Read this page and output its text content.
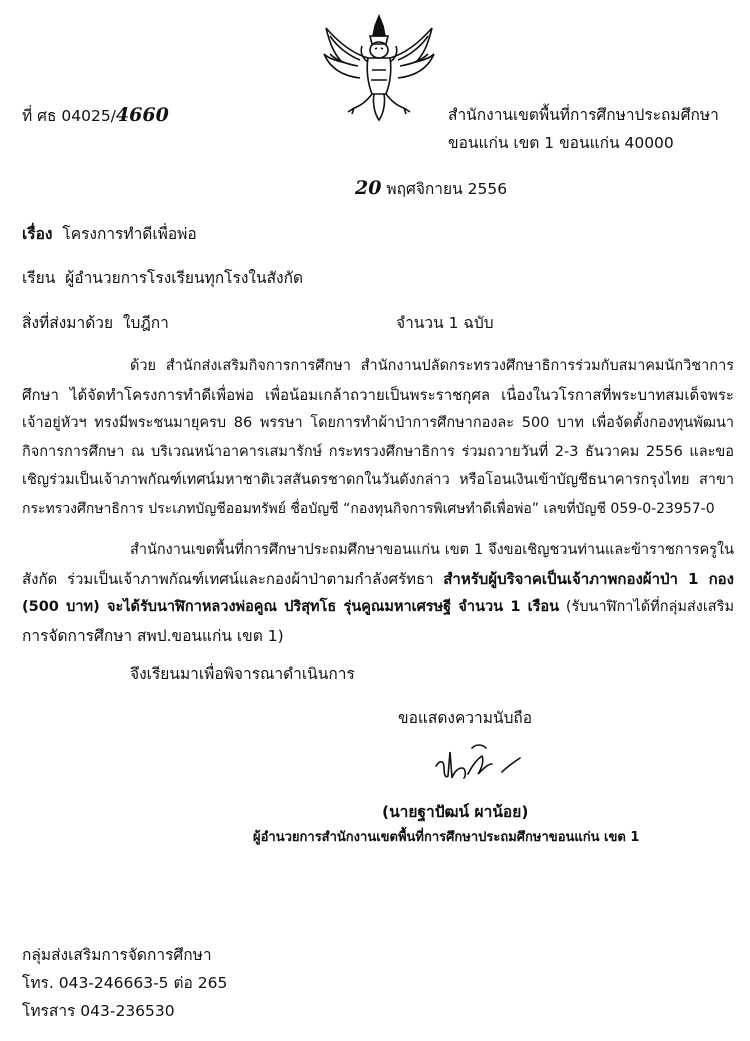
ที่ ศธ 04025/4660	สำนักงานเขตพื้นที่การศึกษาประถมศึกษา
ขอนแก่น เขต 1 ขอนแก่น 40000
20 พฤศจิกายน 2556
เรื่อง โครงการทำดีเพื่อพ่อ
เรียน ผู้อำนวยการโรงเรียนทุกโรงในสังกัด
สิ่งที่ส่งมาด้วย ใบฎีกา	จำนวน 1 ฉบับ
ด้วย สำนักส่งเสริมกิจการการศึกษา สำนักงานปลัดกระทรวงศึกษาธิการร่วมกับสมาคมนักวิชาการ
ศึกษา ได้จัดทำโครงการทำดีเพื่อพ่อ เพื่อน้อมเกล้าถวายเป็นพระราชกุศล เนื่องในวโรกาสที่พระบาทสมเด็จพระ
เจ้าอยู่หัวฯ ทรงมีพระชนมายุครบ 86 พรรษา โดยการทำผ้าป่าการศึกษากองละ 500 บาท เพื่อจัดตั้งกองทุนพัฒนา
กิจการการศึกษา ณ บริเวณหน้าอาคารเสมารักษ์ กระทรวงศึกษาธิการ ร่วมถวายวันที่ 2-3 ธันวาคม 2556 และขอ
เชิญร่วมเป็นเจ้าภาพกัณฑ์เทศน์มหาชาติเวสสันดรชาดกในวันดังกล่าว หรือโอนเงินเข้าบัญชีธนาคารกรุงไทย สาขา
กระทรวงศึกษาธิการ ประเภทบัญชีออมทรัพย์ ชื่อบัญชี “กองทุนกิจการพิเศษทำดีเพื่อพ่อ” เลขที่บัญชี 059-0-23957-0
สำนักงานเขตพื้นที่การศึกษาประถมศึกษาขอนแก่น เขต 1 จึงขอเชิญชวนท่านและข้าราชการครูใน
สังกัด ร่วมเป็นเจ้าภาพกัณฑ์เทศน์และกองผ้าป่าตามกำลังศรัทธา สำหรับผู้บริจาคเป็นเจ้าภาพกองผ้าป่า 1 กอง
(500 บาท) จะได้รับนาฬิกาหลวงพ่อคูณ ปริสุทโธ รุ่นคูณมหาเศรษฐี จำนวน 1 เรือน (รับนาฬิกาได้ที่กลุ่มส่งเสริม
การจัดการศึกษา สพป.ขอนแก่น เขต 1)
จึงเรียนมาเพื่อพิจารณาดำเนินการ
ขอแสดงความนับถือ
(นายฐาปัฒน์ ผาน้อย)
ผู้อำนวยการสำนักงานเขตพื้นที่การศึกษาประถมศึกษาขอนแก่น เขต 1
กลุ่มส่งเสริมการจัดการศึกษา
โทร. 043-246663-5 ต่อ 265
โทรสาร 043-236530
